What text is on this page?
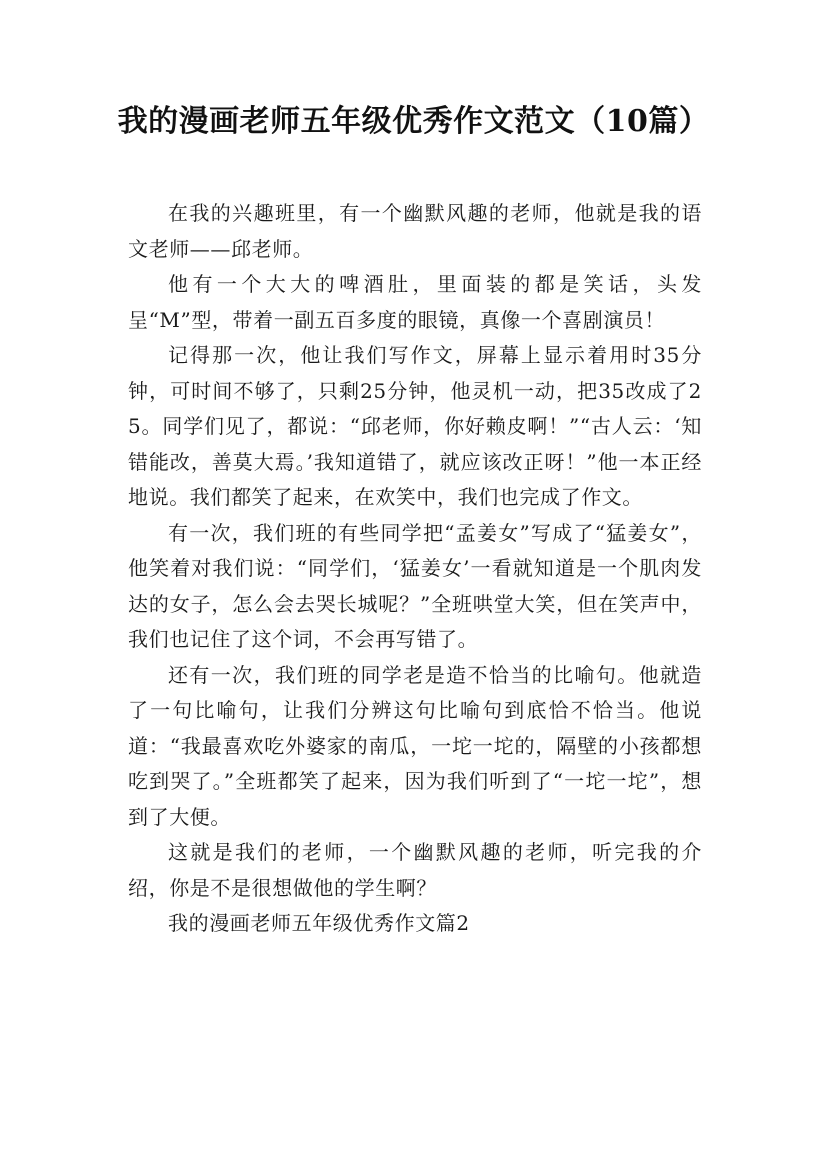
我的漫画老师五年级优秀作文范文（10篇）

在我的兴趣班里，有一个幽默风趣的老师，他就是我的语文老师——邱老师。

他有一个大大的啤酒肚，里面装的都是笑话，头发呈“M”型，带着一副五百多度的眼镜，真像一个喜剧演员！

记得那一次，他让我们写作文，屏幕上显示着用时35分钟，可时间不够了，只剩25分钟，他灵机一动，把35改成了25。同学们见了，都说：“邱老师，你好赖皮啊！”“古人云：‘知错能改，善莫大焉。’我知道错了，就应该改正呀！”他一本正经地说。我们都笑了起来，在欢笑中，我们也完成了作文。

有一次，我们班的有些同学把“孟姜女”写成了“猛姜女”，他笑着对我们说：“同学们，‘猛姜女’一看就知道是一个肌肉发达的女子，怎么会去哭长城呢？”全班哄堂大笑，但在笑声中，我们也记住了这个词，不会再写错了。

还有一次，我们班的同学老是造不恰当的比喻句。他就造了一句比喻句，让我们分辨这句比喻句到底恰不恰当。他说道：“我最喜欢吃外婆家的南瓜，一坨一坨的，隔壁的小孩都想吃到哭了。”全班都笑了起来，因为我们听到了“一坨一坨”，想到了大便。

这就是我们的老师，一个幽默风趣的老师，听完我的介绍，你是不是很想做他的学生啊？

我的漫画老师五年级优秀作文篇2
